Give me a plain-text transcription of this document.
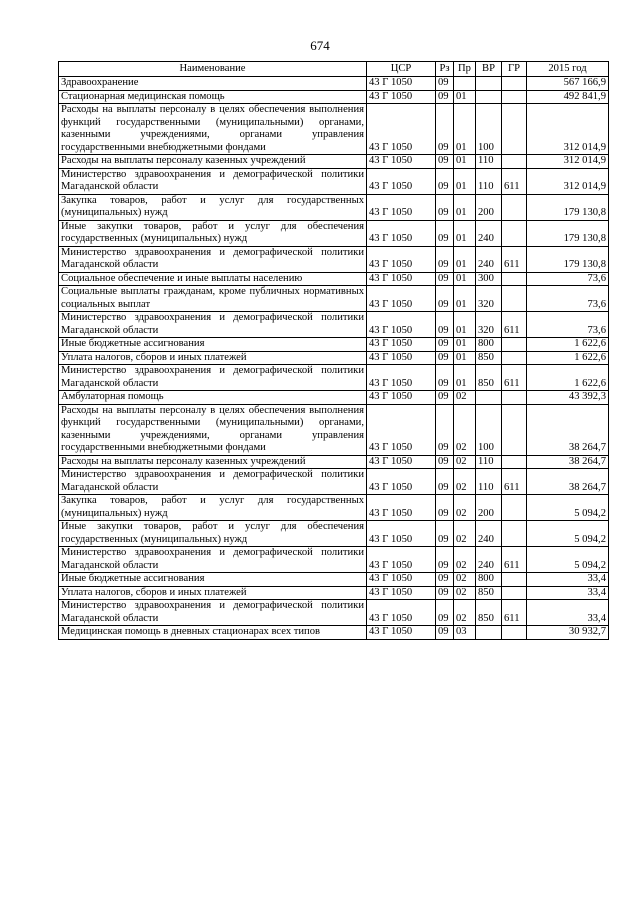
674
Наименование	ЦСР	Рз	Пр	ВР	ГР	2015 год
Здравоохранение	43 Г 1050	09				567 166,9
Стационарная медицинская помощь	43 Г 1050	09	01			492 841,9
Расходы на выплаты персоналу в целях обеспечения выполнения функций государственными (муниципальными) органами, казенными учреждениями, органами управления государственными внебюджетными фондами	43 Г 1050	09	01	100		312 014,9
Расходы на выплаты персоналу казенных учреждений	43 Г 1050	09	01	110		312 014,9
Министерство здравоохранения и демографической политики Магаданской области	43 Г 1050	09	01	110	611	312 014,9
Закупка товаров, работ и услуг для государственных (муниципальных) нужд	43 Г 1050	09	01	200		179 130,8
Иные закупки товаров, работ и услуг для обеспечения государственных (муниципальных) нужд	43 Г 1050	09	01	240		179 130,8
Министерство здравоохранения и демографической политики Магаданской области	43 Г 1050	09	01	240	611	179 130,8
Социальное обеспечение и иные выплаты населению	43 Г 1050	09	01	300		73,6
Социальные выплаты гражданам, кроме публичных нормативных социальных выплат	43 Г 1050	09	01	320		73,6
Министерство здравоохранения и демографической политики Магаданской области	43 Г 1050	09	01	320	611	73,6
Иные бюджетные ассигнования	43 Г 1050	09	01	800		1 622,6
Уплата налогов, сборов и иных платежей	43 Г 1050	09	01	850		1 622,6
Министерство здравоохранения и демографической политики Магаданской области	43 Г 1050	09	01	850	611	1 622,6
Амбулаторная помощь	43 Г 1050	09	02			43 392,3
Расходы на выплаты персоналу в целях обеспечения выполнения функций государственными (муниципальными) органами, казенными учреждениями, органами управления государственными внебюджетными фондами	43 Г 1050	09	02	100		38 264,7
Расходы на выплаты персоналу казенных учреждений	43 Г 1050	09	02	110		38 264,7
Министерство здравоохранения и демографической политики Магаданской области	43 Г 1050	09	02	110	611	38 264,7
Закупка товаров, работ и услуг для государственных (муниципальных) нужд	43 Г 1050	09	02	200		5 094,2
Иные закупки товаров, работ и услуг для обеспечения государственных (муниципальных) нужд	43 Г 1050	09	02	240		5 094,2
Министерство здравоохранения и демографической политики Магаданской области	43 Г 1050	09	02	240	611	5 094,2
Иные бюджетные ассигнования	43 Г 1050	09	02	800		33,4
Уплата налогов, сборов и иных платежей	43 Г 1050	09	02	850		33,4
Министерство здравоохранения и демографической политики Магаданской области	43 Г 1050	09	02	850	611	33,4
Медицинская помощь в дневных стационарах всех типов	43 Г 1050	09	03			30 932,7
